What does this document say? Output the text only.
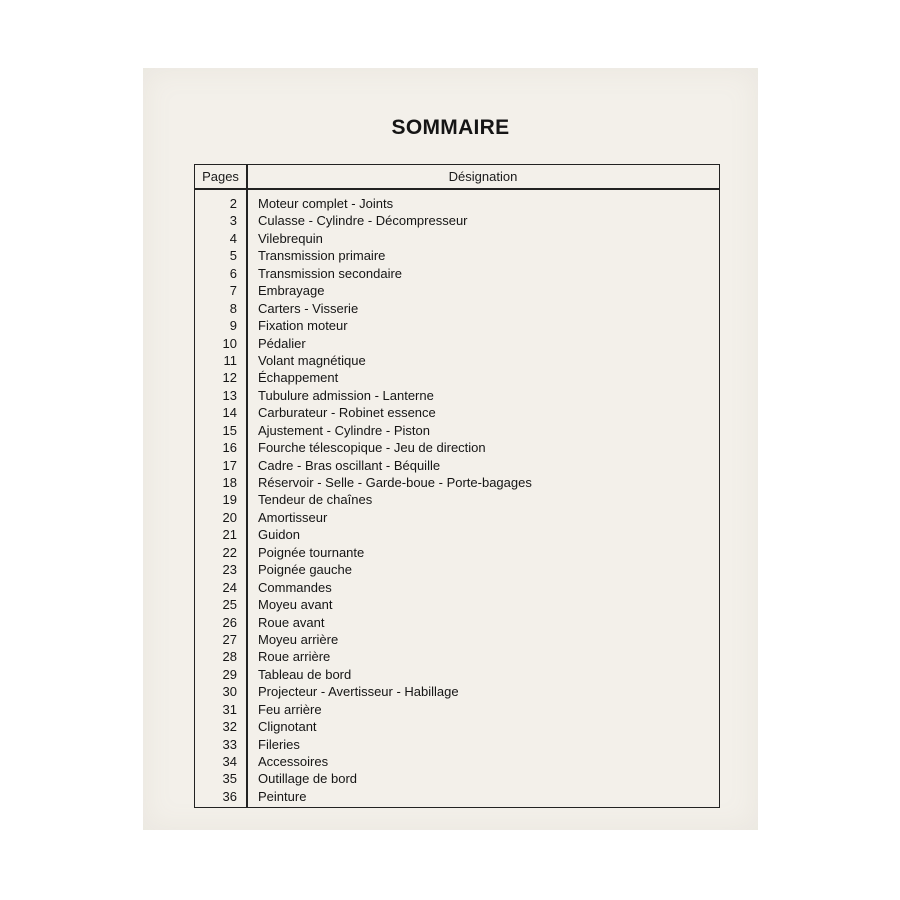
SOMMAIRE
Pages	Désignation
2 Moteur complet - Joints
3 Culasse - Cylindre - Décompresseur
4 Vilebrequin
5 Transmission primaire
6 Transmission secondaire
7 Embrayage
8 Carters - Visserie
9 Fixation moteur
10 Pédalier
11 Volant magnétique
12 Échappement
13 Tubulure admission - Lanterne
14 Carburateur - Robinet essence
15 Ajustement - Cylindre - Piston
16 Fourche télescopique - Jeu de direction
17 Cadre - Bras oscillant - Béquille
18 Réservoir - Selle - Garde-boue - Porte-bagages
19 Tendeur de chaînes
20 Amortisseur
21 Guidon
22 Poignée tournante
23 Poignée gauche
24 Commandes
25 Moyeu avant
26 Roue avant
27 Moyeu arrière
28 Roue arrière
29 Tableau de bord
30 Projecteur - Avertisseur - Habillage
31 Feu arrière
32 Clignotant
33 Fileries
34 Accessoires
35 Outillage de bord
36 Peinture
